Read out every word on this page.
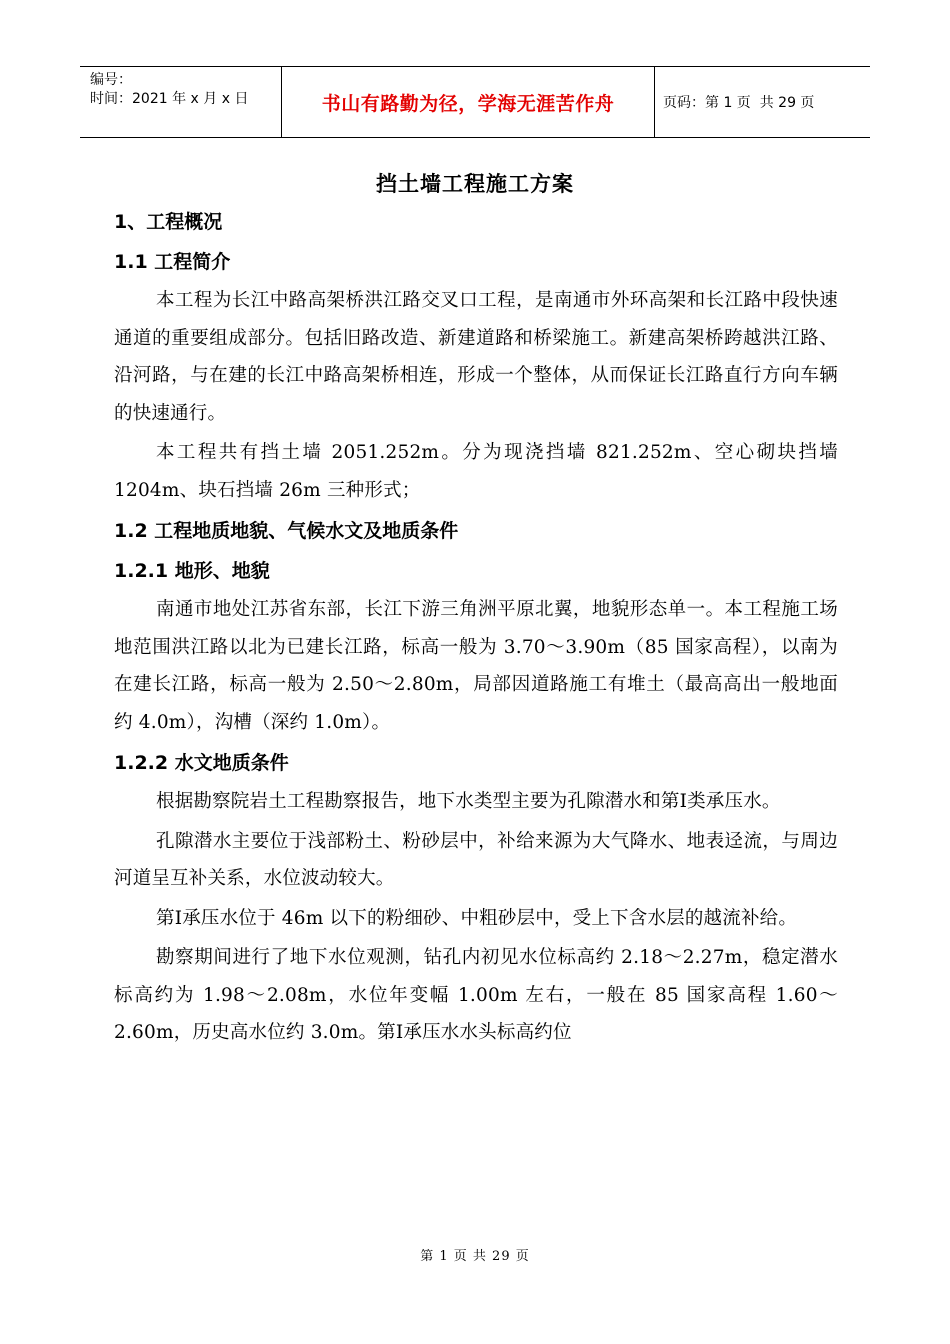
编号：
时间：2021 年 x 月 x 日	书山有路勤为径，学海无涯苦作舟	页码：第 1 页  共 29 页
挡土墙工程施工方案
1、工程概况
1.1 工程简介
本工程为长江中路高架桥洪江路交叉口工程，是南通市外环高架和长江路中段快速通道的重要组成部分。包括旧路改造、新建道路和桥梁施工。新建高架桥跨越洪江路、沿河路，与在建的长江中路高架桥相连，形成一个整体，从而保证长江路直行方向车辆的快速通行。
本工程共有挡土墙 2051.252m。分为现浇挡墙 821.252m、空心砌块挡墙 1204m、块石挡墙 26m 三种形式；
1.2 工程地质地貌、气候水文及地质条件
1.2.1 地形、地貌
南通市地处江苏省东部，长江下游三角洲平原北翼，地貌形态单一。本工程施工场地范围洪江路以北为已建长江路，标高一般为 3.70～3.90m（85 国家高程），以南为在建长江路，标高一般为 2.50～2.80m，局部因道路施工有堆土（最高高出一般地面约 4.0m），沟槽（深约 1.0m）。
1.2.2 水文地质条件
根据勘察院岩土工程勘察报告，地下水类型主要为孔隙潜水和第Ⅰ类承压水。
孔隙潜水主要位于浅部粉土、粉砂层中，补给来源为大气降水、地表迳流，与周边河道呈互补关系，水位波动较大。
第Ⅰ承压水位于 46m 以下的粉细砂、中粗砂层中，受上下含水层的越流补给。
勘察期间进行了地下水位观测，钻孔内初见水位标高约 2.18～2.27m，稳定潜水标高约为 1.98～2.08m，水位年变幅 1.00m 左右，一般在 85 国家高程 1.60～2.60m，历史高水位约 3.0m。第Ⅰ承压水水头标高约位
第 1 页 共 29 页
